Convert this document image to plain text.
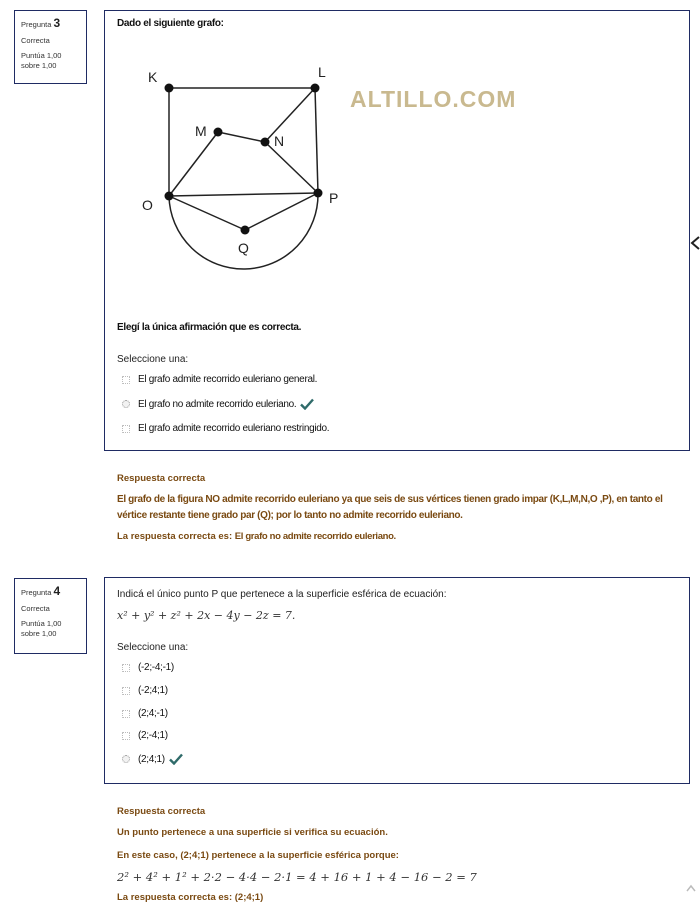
Pregunta 3
Correcta
Puntúa 1,00 sobre 1,00
Dado el siguiente grafo:
K	L
M
N
O	P
Q
ALTILLO.COM
Elegí la única afirmación que es correcta.
Seleccione una:
El grafo admite recorrido euleriano general.
El grafo no admite recorrido euleriano.
El grafo admite recorrido euleriano restringido.
Respuesta correcta
El grafo de la figura NO admite recorrido euleriano ya que seis de sus vértices tienen grado impar (K,L,M,N,O ,P), en tanto el vértice restante tiene grado par (Q); por lo tanto no admite recorrido euleriano.
La respuesta correcta es: El grafo no admite recorrido euleriano.
Pregunta 4
Correcta
Puntúa 1,00 sobre 1,00
Indicá el único punto P que pertenece a la superficie esférica de ecuación:
x² + y² + z² + 2x − 4y − 2z = 7.
Seleccione una:
(-2;-4;-1)
(-2;4;1)
(2;4;-1)
(2;-4;1)
(2;4;1)
Respuesta correcta
Un punto pertenece a una superficie si verifica su ecuación.
En este caso, (2;4;1) pertenece a la superficie esférica porque:
2² + 4² + 1² + 2·2 − 4·4 − 2·1 = 4 + 16 + 1 + 4 − 16 − 2 = 7
La respuesta correcta es: (2;4;1)
